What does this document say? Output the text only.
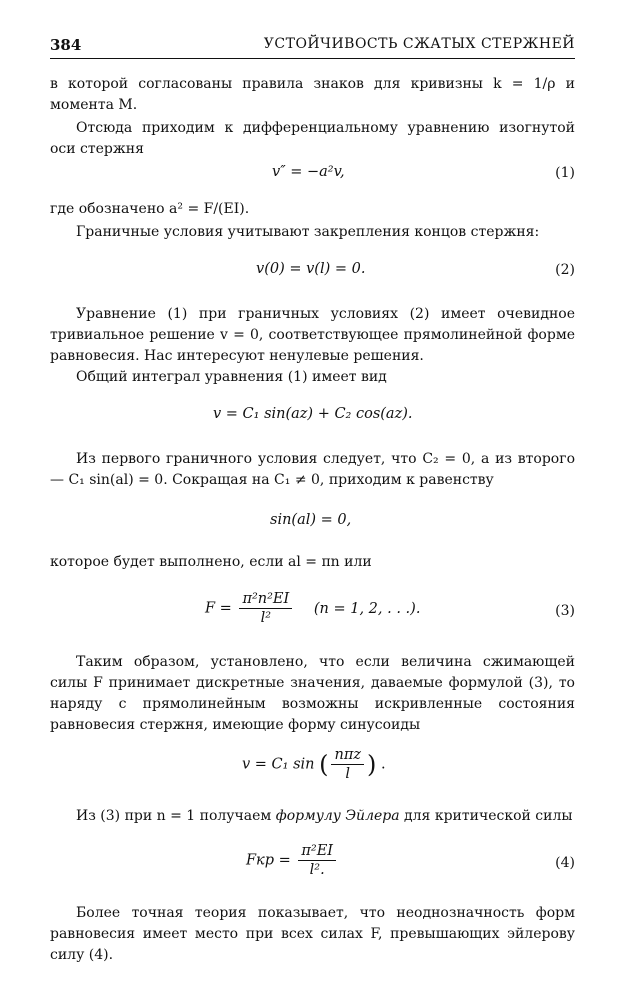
384	УСТОЙЧИВОСТЬ СЖАТЫХ СТЕРЖНЕЙ
в которой согласованы правила знаков для кривизны k = 1/ρ и момента M.
Отсюда приходим к дифференциальному уравнению изогнутой оси стержня
v″ = −a²v,	(1)
где обозначено a² = F/(EI).
Граничные условия учитывают закрепления концов стержня:
v(0) = v(l) = 0.	(2)
Уравнение (1) при граничных условиях (2) имеет очевидное тривиальное решение v = 0, соответствующее прямолинейной форме равновесия. Нас интересуют ненулевые решения.
Общий интеграл уравнения (1) имеет вид
v = C₁ sin(az) + C₂ cos(az).
Из первого граничного условия следует, что C₂ = 0, а из второго — C₁ sin(al) = 0. Сокращая на C₁ ≠ 0, приходим к равенству
sin(al) = 0,
которое будет выполнено, если al = πn или
$F = \frac{\text{π²n²EI}}{\text{l²}} (n = 1$, 2, . . .).	(3)
Таким образом, установлено, что если величина сжимающей силы F принимает дискретные значения, даваемые формулой (3), то наряду с прямолинейным возможны искривленные состояния равновесия стержня, имеющие форму синусоиды
v = C₁ sin ( $\frac{\text{nπz}}{l}$ ) .
Из (3) при n = 1 получаем формулу Эйлера для критической силы
Fкр = $\frac{\text{π²EI}}{\text{l².}}$	(4)
Более точная теория показывает, что неоднозначность форм равновесия имеет место при всех силах F, превышающих эйлерову силу (4).
